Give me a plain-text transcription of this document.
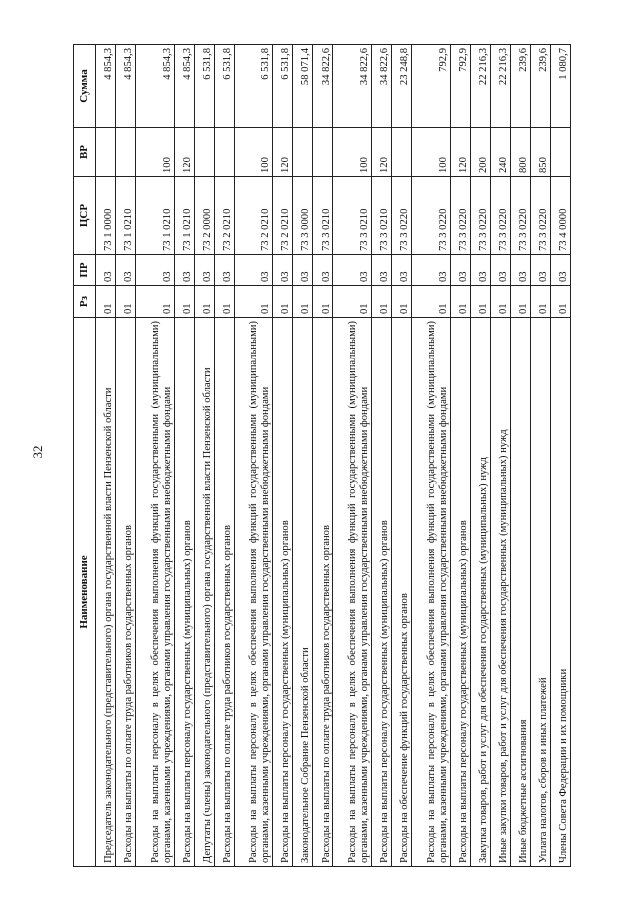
32
Наименование	Рз	ПР	ЦСР	ВР	Сумма
Председатель законодательного (представительного) органа государственной власти Пензенской области	01	03	73 1 0000		4 854,3
Расходы на выплаты по оплате труда работников государственных органов	01	03	73 1 0210		4 854,3
Расходы на выплаты персоналу в целях обеспечения выполнения функций государственными (муниципальными) органами, казенными учреждениями, органами управления государственными внебюджетными фондами	01	03	73 1 0210	100	4 854,3
Расходы на выплаты персоналу государственных (муниципальных) органов	01	03	73 1 0210	120	4 854,3
Депутаты (члены) законодательного (представительного) органа государственной власти Пензенской области	01	03	73 2 0000		6 531,8
Расходы на выплаты по оплате труда работников государственных органов	01	03	73 2 0210		6 531,8
Расходы на выплаты персоналу в целях обеспечения выполнения функций государственными (муниципальными) органами, казенными учреждениями, органами управления государственными внебюджетными фондами	01	03	73 2 0210	100	6 531,8
Расходы на выплаты персоналу государственных (муниципальных) органов	01	03	73 2 0210	120	6 531,8
Законодательное Собрание Пензенской области	01	03	73 3 0000		58 071,4
Расходы на выплаты по оплате труда работников государственных органов	01	03	73 3 0210		34 822,6
Расходы на выплаты персоналу в целях обеспечения выполнения функций государственными (муниципальными) органами, казенными учреждениями, органами управления государственными внебюджетными фондами	01	03	73 3 0210	100	34 822,6
Расходы на выплаты персоналу государственных (муниципальных) органов	01	03	73 3 0210	120	34 822,6
Расходы на обеспечение функций государственных органов	01	03	73 3 0220		23 248,8
Расходы на выплаты персоналу в целях обеспечения выполнения функций государственными (муниципальными) органами, казенными учреждениями, органами управления государственными внебюджетными фондами	01	03	73 3 0220	100	792,9
Расходы на выплаты персоналу государственных (муниципальных) органов	01	03	73 3 0220	120	792,9
Закупка товаров, работ и услуг для обеспечения государственных (муниципальных) нужд	01	03	73 3 0220	200	22 216,3
Иные закупки товаров, работ и услуг для обеспечения государственных (муниципальных) нужд	01	03	73 3 0220	240	22 216,3
Иные бюджетные ассигнования	01	03	73 3 0220	800	239,6
Уплата налогов, сборов и иных платежей	01	03	73 3 0220	850	239,6
Члены Совета Федерации и их помощники	01	03	73 4 0000		1 080,7
